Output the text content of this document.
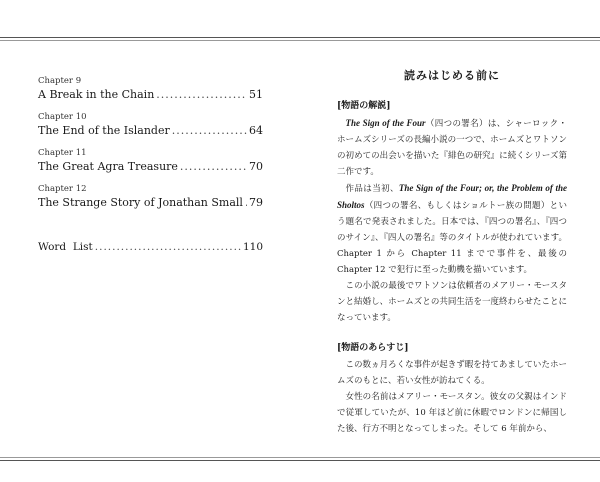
Chapter 9
A Break in the Chain .....	51
Chapter 10
The End of the Islander .....	64
Chapter 11
The Great Agra Treasure .....	70
Chapter 12
The Strange Story of Jonathan Small ..... 79
Word  List .....	110
読みはじめる前に
[物語の解説]

The Sign of the Four（四つの署名）は、シャーロック・ホームズシリーズの長編小説の一つで、ホームズとワトソンの初めての出会いを描いた『緋色の研究』に続くシリーズ第二作です。

作品は当初、The Sign of the Four; or, the Problem of the Sholtos（四つの署名、もしくはショルトー族の問題）という題名で発表されました。日本では、『四つの署名』、『四つのサイン』、『四人の署名』等のタイトルが使われています。Chapter 1 から Chapter 11 までで事件を、最後の Chapter 12 で犯行に至った動機を描いています。

この小説の最後でワトソンは依頼者のメアリー・モースタンと結婚し、ホームズとの共同生活を一度終わらせたことになっています。

[物語のあらすじ]

この数ヵ月ろくな事件が起きず暇を持てあましていたホームズのもとに、若い女性が訪ねてくる。

女性の名前はメアリー・モースタン。彼女の父親はインドで従軍していたが、10 年ほど前に休暇でロンドンに帰国した後、行方不明となってしまった。そして 6 年前から、
